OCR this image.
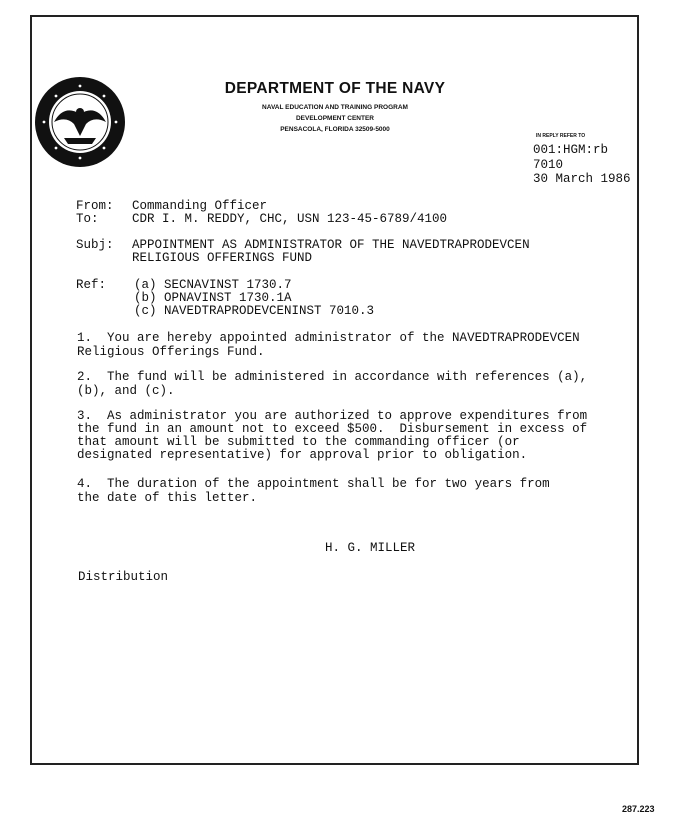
DEPARTMENT OF THE NAVY
NAVAL EDUCATION AND TRAINING PROGRAM
DEVELOPMENT CENTER
PENSACOLA, FLORIDA 32509-5000
IN REPLY REFER TO
001:HGM:rb
7010
30 March 1986
From: Commanding Officer
To:	CDR I. M. REDDY, CHC, USN 123-45-6789/4100
Subj: APPOINTMENT AS ADMINISTRATOR OF THE NAVEDTRAPRODEVCEN
RELIGIOUS OFFERINGS FUND
Ref: (a) SECNAVINST 1730.7
(b) OPNAVINST 1730.1A
(c) NAVEDTRAPRODEVCENINST 7010.3
1.  You are hereby appointed administrator of the NAVEDTRAPRODEVCEN
Religious Offerings Fund.
2.  The fund will be administered in accordance with references (a),
(b), and (c).
3.  As administrator you are authorized to approve expenditures from
the fund in an amount not to exceed $500.  Disbursement in excess of
that amount will be submitted to the commanding officer (or
designated representative) for approval prior to obligation.
4.  The duration of the appointment shall be for two years from
the date of this letter.
H. G. MILLER
Distribution
287.223
